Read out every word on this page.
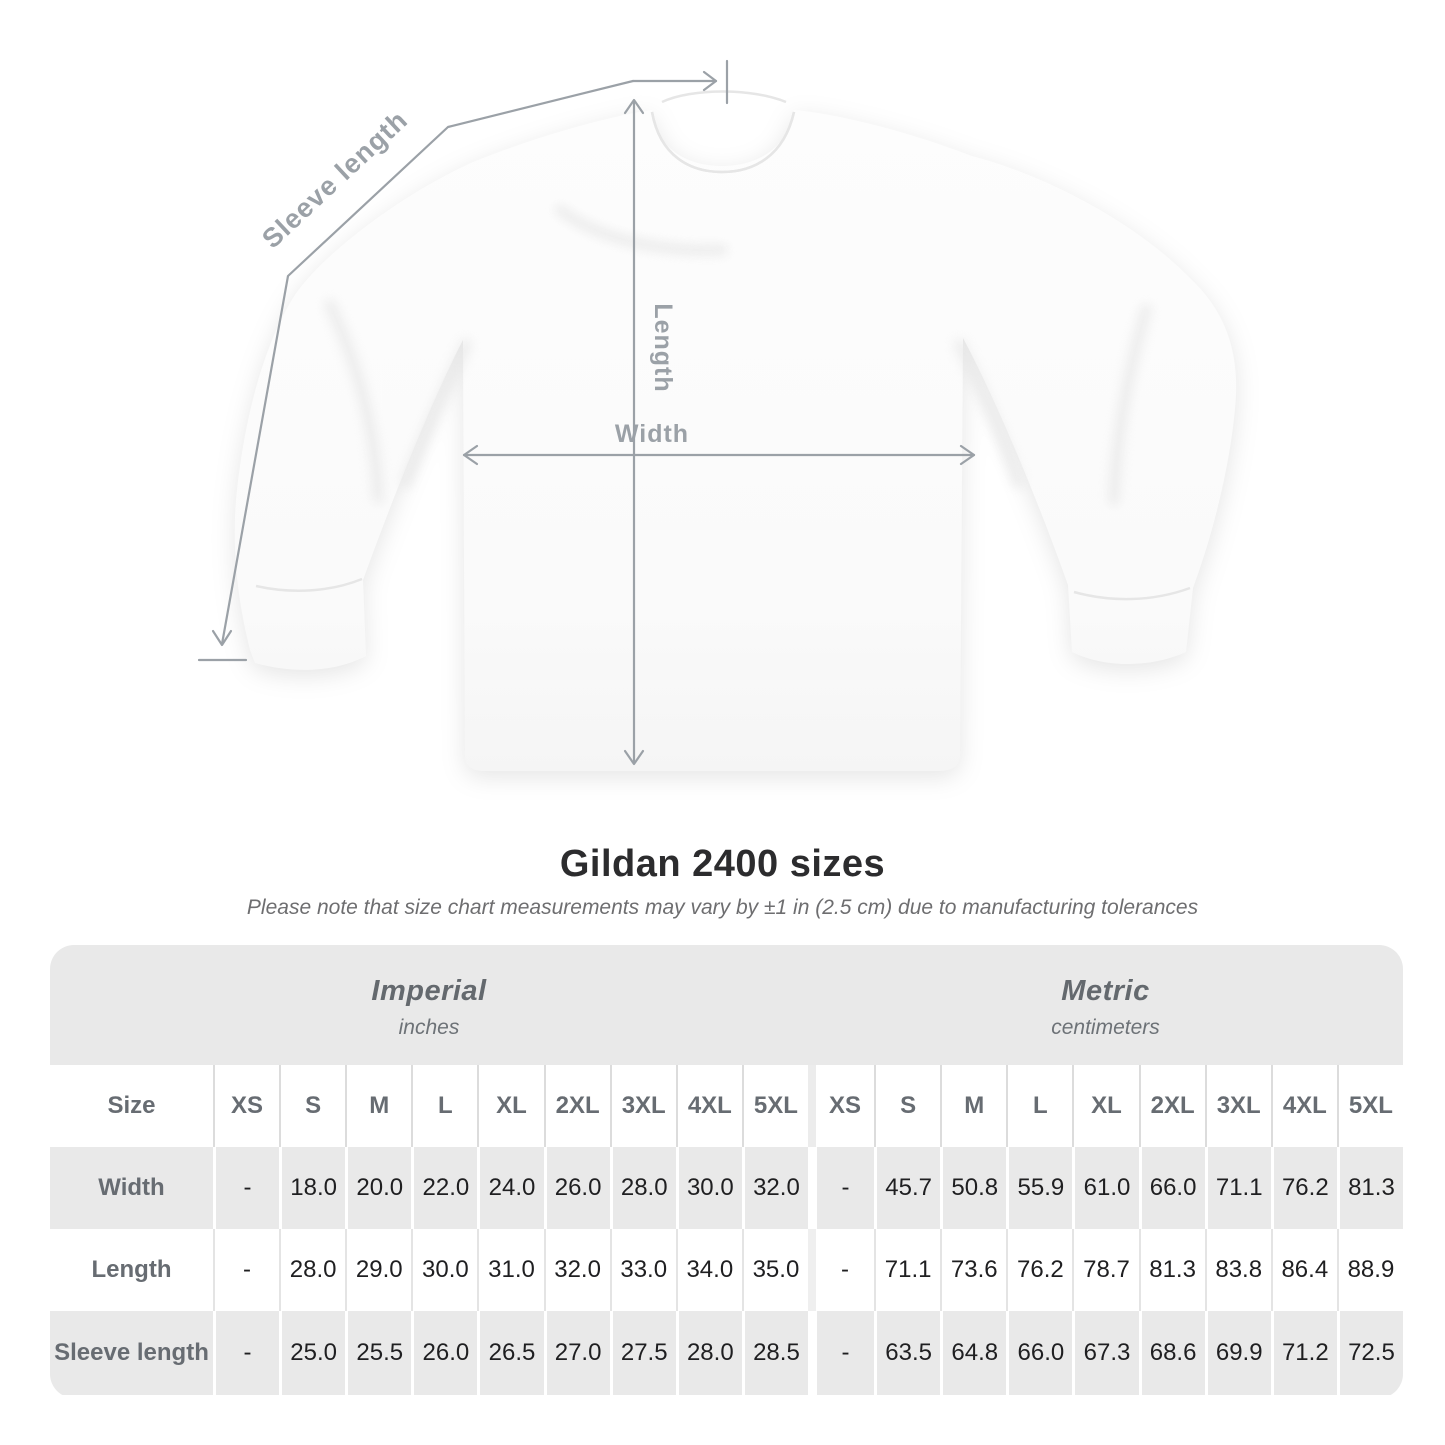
Sleeve length
Length
Width
Gildan 2400 sizes
Please note that size chart measurements may vary by ±1 in (2.5 cm) due to manufacturing tolerances
Imperial
inches
Metric
centimeters
Size	XS	S	M	L	XL	2XL 3XL 4XL 5XL	XS	S	M	L	XL	2XL 3XL 4XL 5XL
Width	-	18.0 20.0 22.0 24.0 26.0 28.0 30.0 32.0	-	45.7 50.8 55.9 61.0 66.0 71.1 76.2 81.3
Length	-	28.0 29.0 30.0 31.0 32.0 33.0 34.0 35.0	-	71.1 73.6 76.2 78.7 81.3 83.8 86.4 88.9
Sleeve length	-	25.0 25.5 26.0 26.5 27.0 27.5 28.0 28.5	-	63.5 64.8 66.0 67.3 68.6 69.9 71.2 72.5
